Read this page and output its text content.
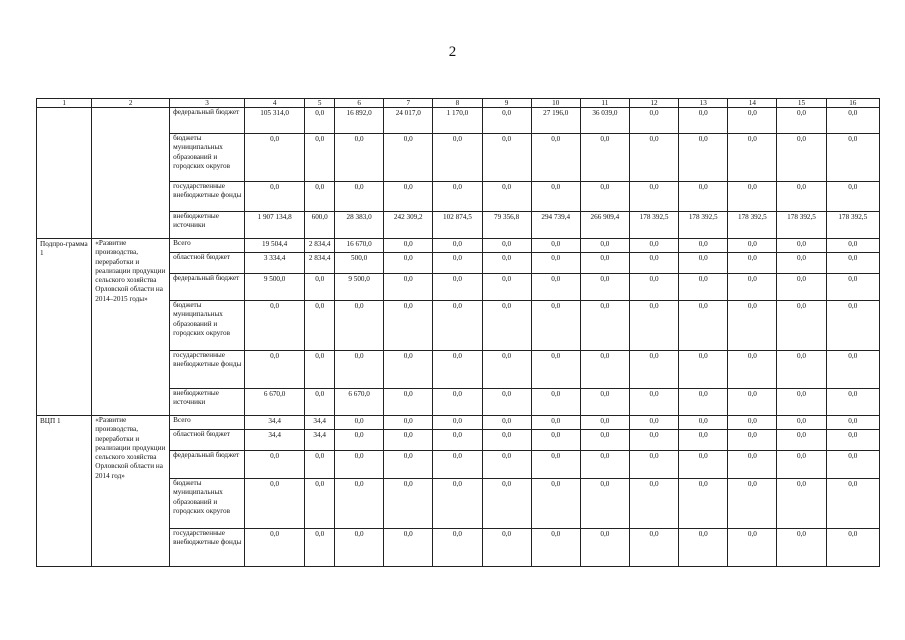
2
1	2	3	4	5	6	7	8	9	10	11	12	13	14	15	16
		федеральный бюджет	105 314,0	0,0	16 892,0	24 017,0	1 170,0	0,0	27 196,0	36 039,0	0,0	0,0	0,0	0,0	0,0
		бюджеты муниципальных образований и городских округов	0,0	0,0	0,0	0,0	0,0	0,0	0,0	0,0	0,0	0,0	0,0	0,0	0,0
		государственные внебюджетные фонды	0,0	0,0	0,0	0,0	0,0	0,0	0,0	0,0	0,0	0,0	0,0	0,0	0,0
		внебюджетные источники	1 907 134,8	600,0	28 383,0	242 309,2	102 874,5	79 356,8	294 739,4	266 909,4	178 392,5	178 392,5	178 392,5	178 392,5	178 392,5
Подпро-грамма 1	«Развитие производства, переработки и реализации продукции сельского хозяйства Орловской области на 2014–2015 годы»	Всего	19 504,4	2 834,4	16 670,0	0,0	0,0	0,0	0,0	0,0	0,0	0,0	0,0	0,0	0,0
		областной бюджет	3 334,4	2 834,4	500,0	0,0	0,0	0,0	0,0	0,0	0,0	0,0	0,0	0,0	0,0
		федеральный бюджет	9 500,0	0,0	9 500,0	0,0	0,0	0,0	0,0	0,0	0,0	0,0	0,0	0,0	0,0
		бюджеты муниципальных образований и городских округов	0,0	0,0	0,0	0,0	0,0	0,0	0,0	0,0	0,0	0,0	0,0	0,0	0,0
		государственные внебюджетные фонды	0,0	0,0	0,0	0,0	0,0	0,0	0,0	0,0	0,0	0,0	0,0	0,0	0,0
		внебюджетные источники	6 670,0	0,0	6 670,0	0,0	0,0	0,0	0,0	0,0	0,0	0,0	0,0	0,0	0,0
ВЦП 1	«Развитие производства, переработки и реализации продукции сельского хозяйства Орловской области на 2014 год»	Всего	34,4	34,4	0,0	0,0	0,0	0,0	0,0	0,0	0,0	0,0	0,0	0,0	0,0
		областной бюджет	34,4	34,4	0,0	0,0	0,0	0,0	0,0	0,0	0,0	0,0	0,0	0,0	0,0
		федеральный бюджет	0,0	0,0	0,0	0,0	0,0	0,0	0,0	0,0	0,0	0,0	0,0	0,0	0,0
		бюджеты муниципальных образований и городских округов	0,0	0,0	0,0	0,0	0,0	0,0	0,0	0,0	0,0	0,0	0,0	0,0	0,0
		государственные внебюджетные фонды	0,0	0,0	0,0	0,0	0,0	0,0	0,0	0,0	0,0	0,0	0,0	0,0	0,0
